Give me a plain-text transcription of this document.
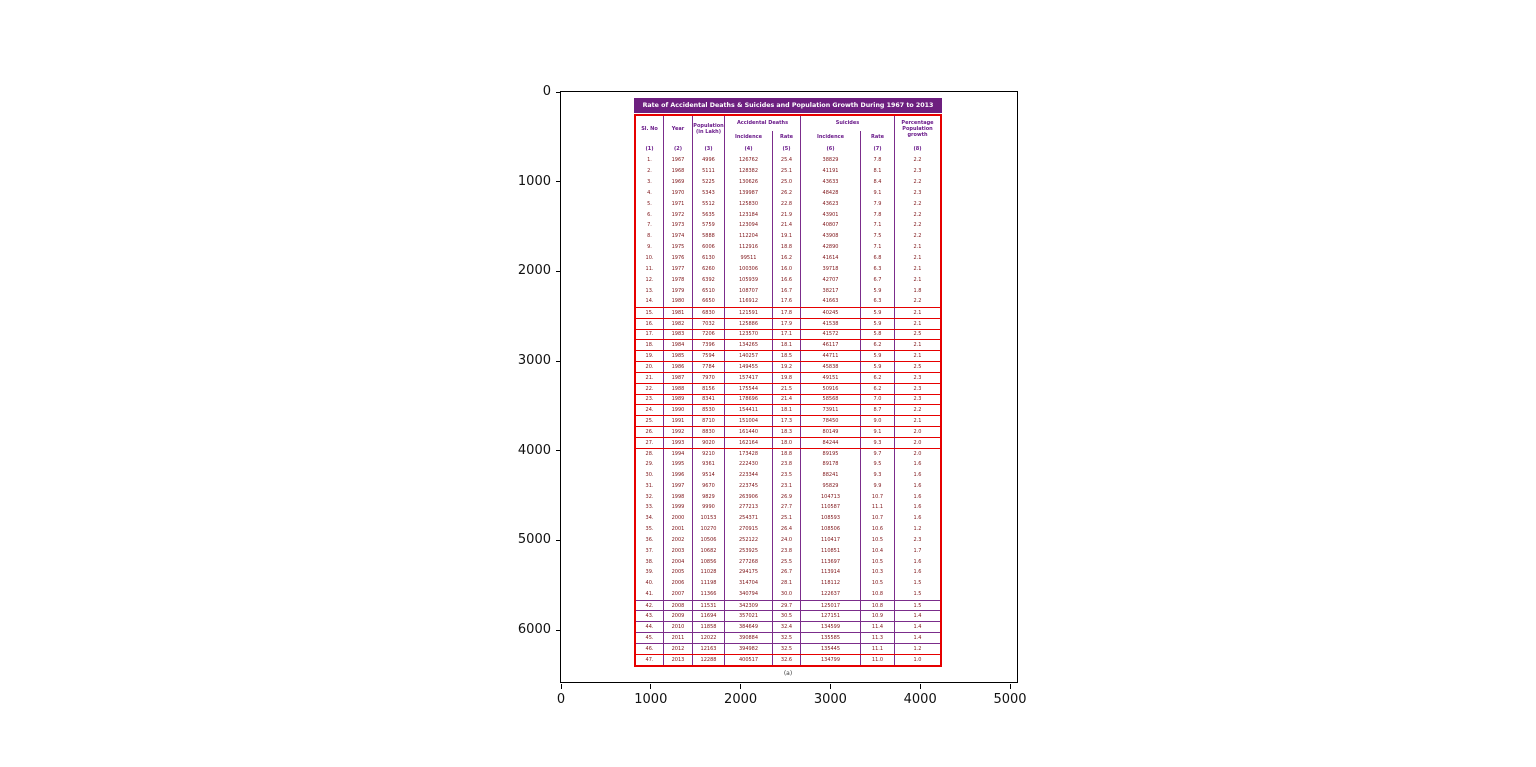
0
1000
2000
3000
4000
5000
6000
0	1000	2000	3000	4000	5000
Rate of Accidental Deaths & Suicides and Population Growth During 1967 to 2013
Sl. No	Year	Population (in Lakh)
Accidental Deaths	Suicides	Percentage Population growth
Incidence	Rate	Incidence	Rate
(1)	(2)	(3)	(4)	(5)	(6)	(7)	(8)
1.	1967	4996	126762	25.4	38829	7.8	2.2
2.	1968	5111	128382	25.1	41191	8.1	2.3
3.	1969	5225	130626	25.0	43633	8.4	2.2
4.	1970	5343	139987	26.2	48428	9.1	2.3
5.	1971	5512	125830	22.8	43623	7.9	2.2
6.	1972	5635	123184	21.9	43901	7.8	2.2
7.	1973	5759	123094	21.4	40807	7.1	2.2
8.	1974	5888	112204	19.1	43908	7.5	2.2
9.	1975	6006	112916	18.8	42890	7.1	2.1
10.	1976	6130	99511	16.2	41614	6.8	2.1
11.	1977	6260	100306	16.0	39718	6.3	2.1
12.	1978	6392	105939	16.6	42707	6.7	2.1
13.	1979	6510	108707	16.7	38217	5.9	1.8
14.	1980	6650	116912	17.6	41663	6.3	2.2
15.	1981	6830	121591	17.8	40245	5.9	2.1
16.	1982	7032	125886	17.9	41538	5.9	2.1
17.	1983	7206	123570	17.1	41572	5.8	2.5
18.	1984	7396	134265	18.1	46117	6.2	2.1
19.	1985	7594	140257	18.5	44711	5.9	2.1
20.	1986	7784	149455	19.2	45838	5.9	2.5
21.	1987	7970	157417	19.8	49151	6.2	2.3
22.	1988	8156	175544	21.5	50916	6.2	2.3
23.	1989	8341	178696	21.4	58568	7.0	2.3
24.	1990	8530	154411	18.1	73911	8.7	2.2
25.	1991	8710	151004	17.3	78450	9.0	2.1
26.	1992	8830	161440	18.3	80149	9.1	2.0
27.	1993	9020	162164	18.0	84244	9.3	2.0
28.	1994	9210	173428	18.8	89195	9.7	2.0
29.	1995	9361	222430	23.8	89178	9.5	1.6
30.	1996	9514	223344	23.5	88241	9.3	1.6
31.	1997	9670	223745	23.1	95829	9.9	1.6
32.	1998	9829	263906	26.9	104713	10.7	1.6
33.	1999	9990	277213	27.7	110587	11.1	1.6
34.	2000	10153	254371	25.1	108593	10.7	1.6
35.	2001	10270	270915	26.4	108506	10.6	1.2
36.	2002	10506	252122	24.0	110417	10.5	2.3
37.	2003	10682	253925	23.8	110851	10.4	1.7
38.	2004	10856	277268	25.5	113697	10.5	1.6
39.	2005	11028	294175	26.7	113914	10.3	1.6
40.	2006	11198	314704	28.1	118112	10.5	1.5
41.	2007	11366	340794	30.0	122637	10.8	1.5
42.	2008	11531	342309	29.7	125017	10.8	1.5
43.	2009	11694	357021	30.5	127151	10.9	1.4
44.	2010	11858	384649	32.4	134599	11.4	1.4
45.	2011	12022	390884	32.5	135585	11.3	1.4
46.	2012	12163	394982	32.5	135445	11.1	1.2
47.	2013	12288	400517	32.6	134799	11.0	1.0
(a)
